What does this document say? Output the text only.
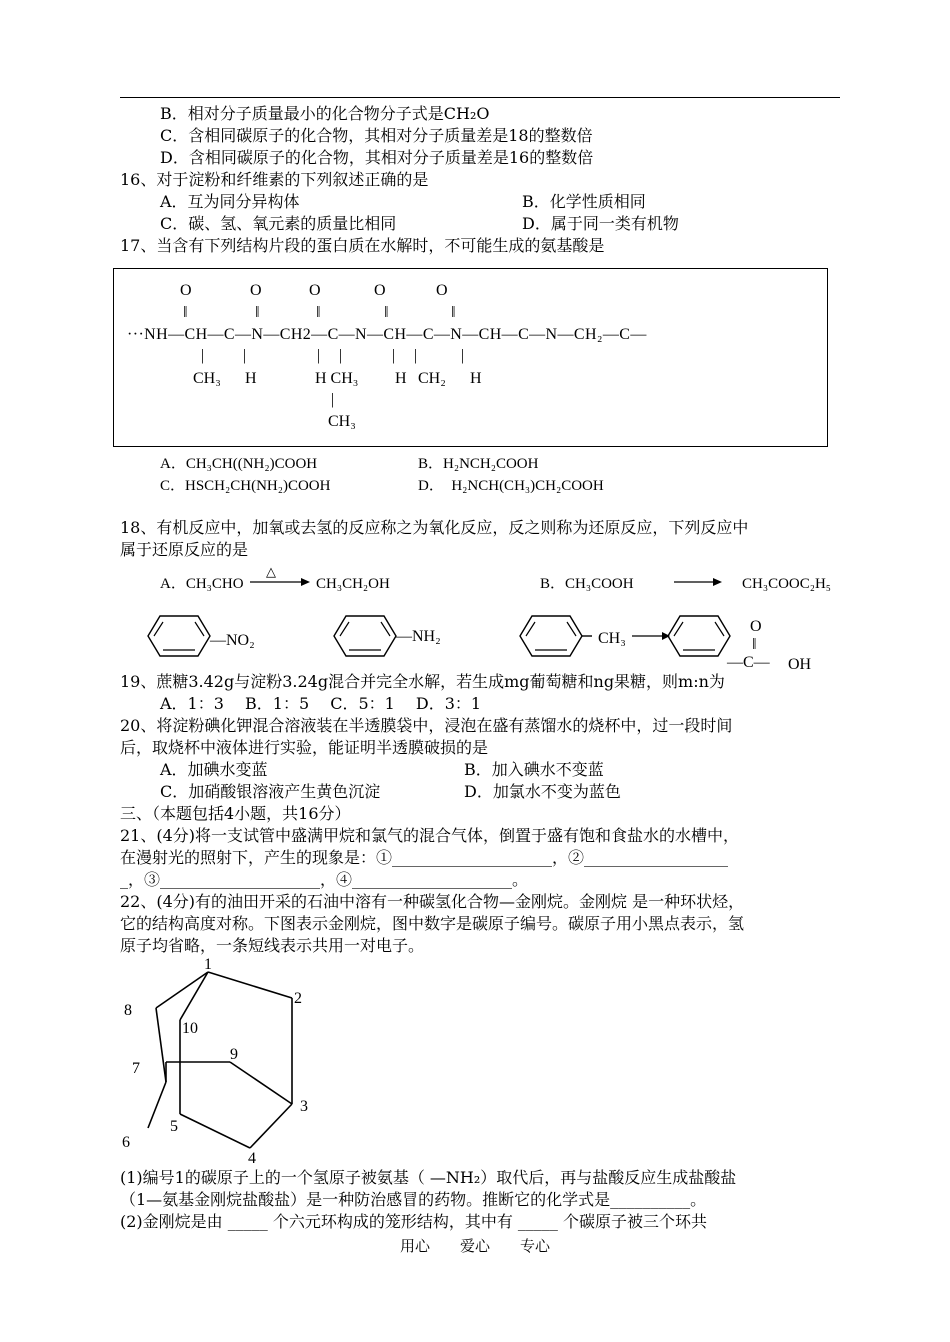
B．相对分子质量最小的化合物分子式是CH₂O
C．含相同碳原子的化合物，其相对分子质量差是18的整数倍
D．含相同碳原子的化合物，其相对分子质量差是16的整数倍
16、对于淀粉和纤维素的下列叙述正确的是
A．互为同分异构体	B．化学性质相同
C．碳、氢、氧元素的质量比相同	D．属于同一类有机物
17、当含有下列结构片段的蛋白质在水解时，不可能生成的氨基酸是
O	O	O	O	O
‖	‖	‖	‖	‖
···NH—CH—C—N—CH2—C—N—CH—C—N—CH—C—N—CH₂—C—
| |	| |	| |	|
CH₃ H	H CH₃ H CH₂ H
|
CH₃
A．CH₃CH((NH₂)COOH	B．H₂NCH₂COOH
C．HSCH₂CH(NH₂)COOH	D．　H₂NCH(CH₃)CH₂COOH
18、有机反应中，加氧或去氢的反应称之为氧化反应，反之则称为还原反应，下列反应中
属于还原反应的是
A．CH₃CHO
△
CH₃CH₂OH	B．CH₃COOH	CH₃COOC₂H₅
—NO₂	—NH₂	CH₃
O
‖
—C— OH
19、蔗糖3.42g与淀粉3.24g混合并完全水解，若生成mg葡萄糖和ng果糖，则m:n为
A．1：3　 B．1：5　 C．5：1　 D．3：1
20、将淀粉碘化钾混合溶液装在半透膜袋中，浸泡在盛有蒸馏水的烧杯中，过一段时间
后，取烧杯中液体进行实验，能证明半透膜破损的是
A．加碘水变蓝	B．加入碘水不变蓝
C．加硝酸银溶液产生黄色沉淀	D．加氯水不变为蓝色
三、（本题包括4小题，共16分）
21、(4分)将一支试管中盛满甲烷和氯气的混合气体，倒置于盛有饱和食盐水的水槽中，
在漫射光的照射下，产生的现象是：①____________________，②__________________
_，③____________________，④____________________。
22、(4分)有的油田开采的石油中溶有一种碳氢化合物—金刚烷。金刚烷 是一种环状烃，
它的结构高度对称。下图表示金刚烷，图中数字是碳原子编号。碳原子用小黑点表示，氢
原子均省略，一条短线表示共用一对电子。
1
2
3
4
5
6
7
8
9
10
(1)编号1的碳原子上的一个氢原子被氨基（ —NH₂）取代后，再与盐酸反应生成盐酸盐
（1—氨基金刚烷盐酸盐）是一种防治感冒的药物。推断它的化学式是__________。
(2)金刚烷是由 _____ 个六元环构成的笼形结构，其中有 _____ 个碳原子被三个环共
用心　　爱心　　专心
